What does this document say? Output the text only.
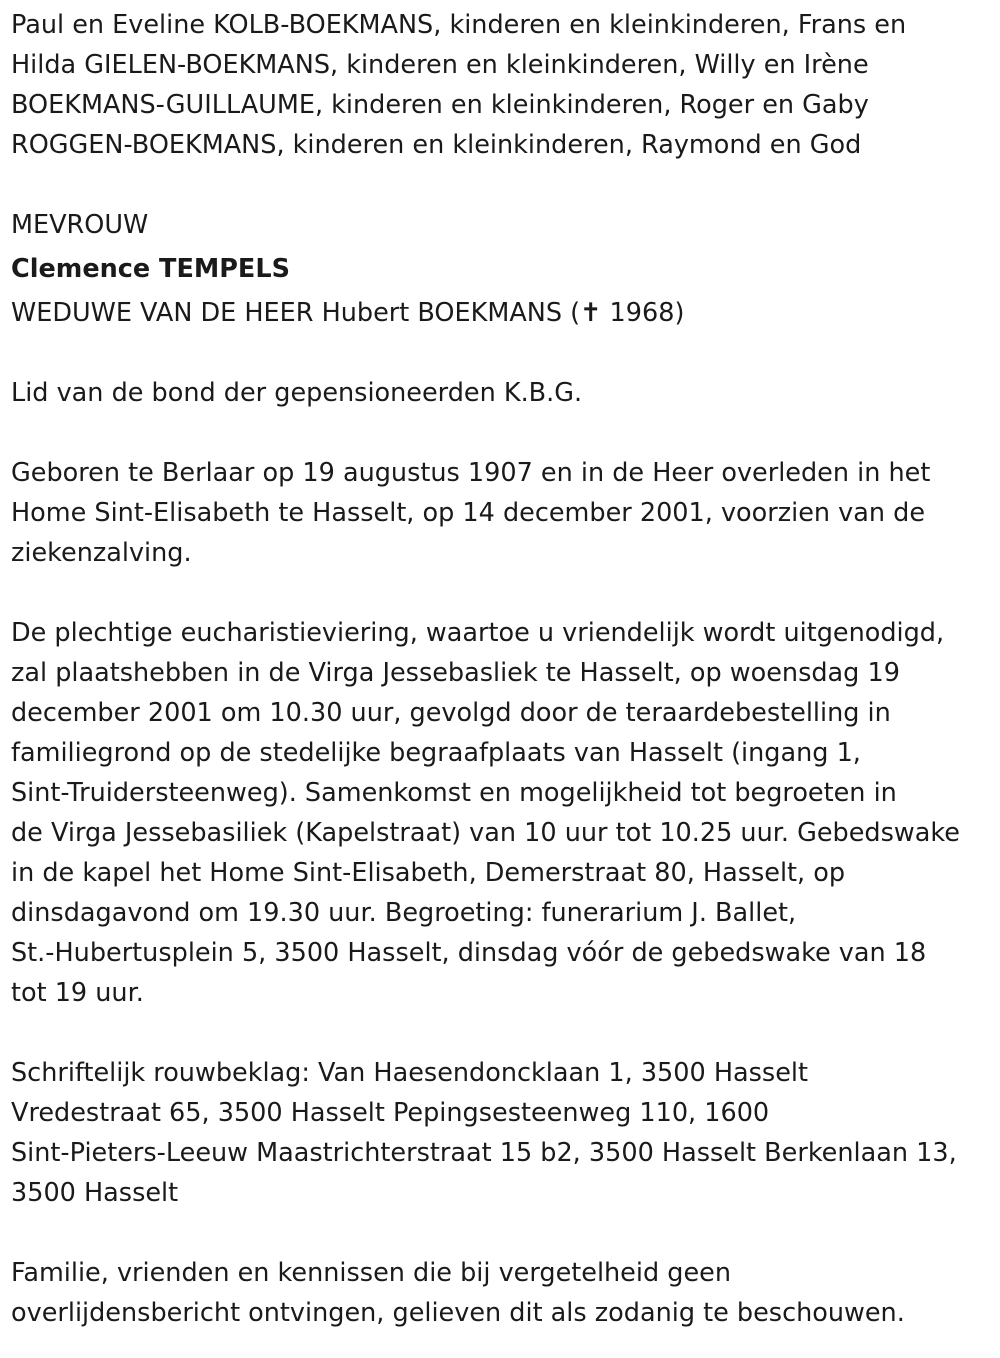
Paul en Eveline KOLB-BOEKMANS, kinderen en kleinkinderen, Frans en
Hilda GIELEN-BOEKMANS, kinderen en kleinkinderen, Willy en Irène
BOEKMANS-GUILLAUME, kinderen en kleinkinderen, Roger en Gaby
ROGGEN-BOEKMANS, kinderen en kleinkinderen, Raymond en God
MEVROUW
Clemence TEMPELS
WEDUWE VAN DE HEER Hubert BOEKMANS (✝ 1968)
Lid van de bond der gepensioneerden K.B.G.
Geboren te Berlaar op 19 augustus 1907 en in de Heer overleden in het
Home Sint-Elisabeth te Hasselt, op 14 december 2001, voorzien van de
ziekenzalving.
De plechtige eucharistieviering, waartoe u vriendelijk wordt uitgenodigd,
zal plaatshebben in de Virga Jessebasliek te Hasselt, op woensdag 19
december 2001 om 10.30 uur, gevolgd door de teraardebestelling in
familiegrond op de stedelijke begraafplaats van Hasselt (ingang 1,
Sint-Truidersteenweg). Samenkomst en mogelijkheid tot begroeten in
de Virga Jessebasiliek (Kapelstraat) van 10 uur tot 10.25 uur. Gebedswake
in de kapel het Home Sint-Elisabeth, Demerstraat 80, Hasselt, op
dinsdagavond om 19.30 uur. Begroeting: funerarium J. Ballet,
St.-Hubertusplein 5, 3500 Hasselt, dinsdag vóór de gebedswake van 18
tot 19 uur.
Schriftelijk rouwbeklag: Van Haesendoncklaan 1, 3500 Hasselt
Vredestraat 65, 3500 Hasselt Pepingsesteenweg 110, 1600
Sint-Pieters-Leeuw Maastrichterstraat 15 b2, 3500 Hasselt Berkenlaan 13,
3500 Hasselt
Familie, vrienden en kennissen die bij vergetelheid geen
overlijdensbericht ontvingen, gelieven dit als zodanig te beschouwen.
